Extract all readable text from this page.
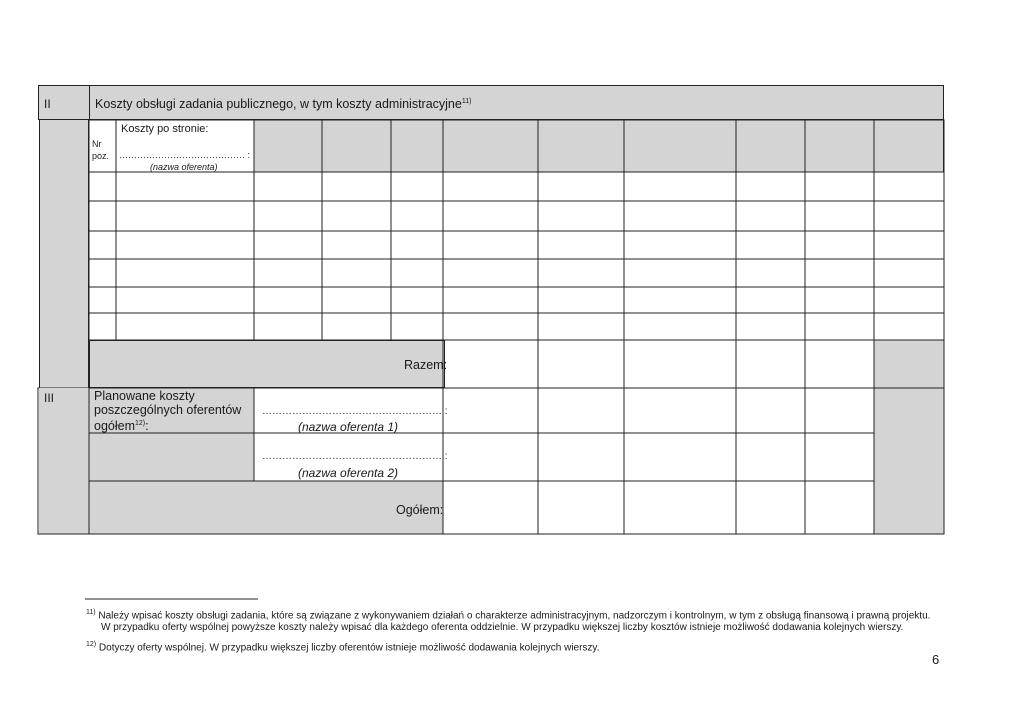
II	Koszty obsługi zadania publicznego, w tym koszty administracyjne$^{11)}$
Razem:
Nr
poz.
Koszty po stronie:
…………………………………… :
(nazwa oferenta)
III	Planowane koszty poszczególnych oferentów ogółem$^{12)}$:
……………………………………………… :
(nazwa oferenta 1)
……………………………………………… :
(nazwa oferenta 2)
Ogółem:
$^{11)}$ Należy wpisać koszty obsługi zadania, które są związane z wykonywaniem działań o charakterze administracyjnym, nadzorczym i kontrolnym, w tym z obsługą finansową i prawną projektu.
W przypadku oferty wspólnej powyższe koszty należy wpisać dla każdego oferenta oddzielnie. W przypadku większej liczby kosztów istnieje możliwość dodawania kolejnych wierszy.
$^{12)}$ Dotyczy oferty wspólnej. W przypadku większej liczby oferentów istnieje możliwość dodawania kolejnych wierszy.
6
